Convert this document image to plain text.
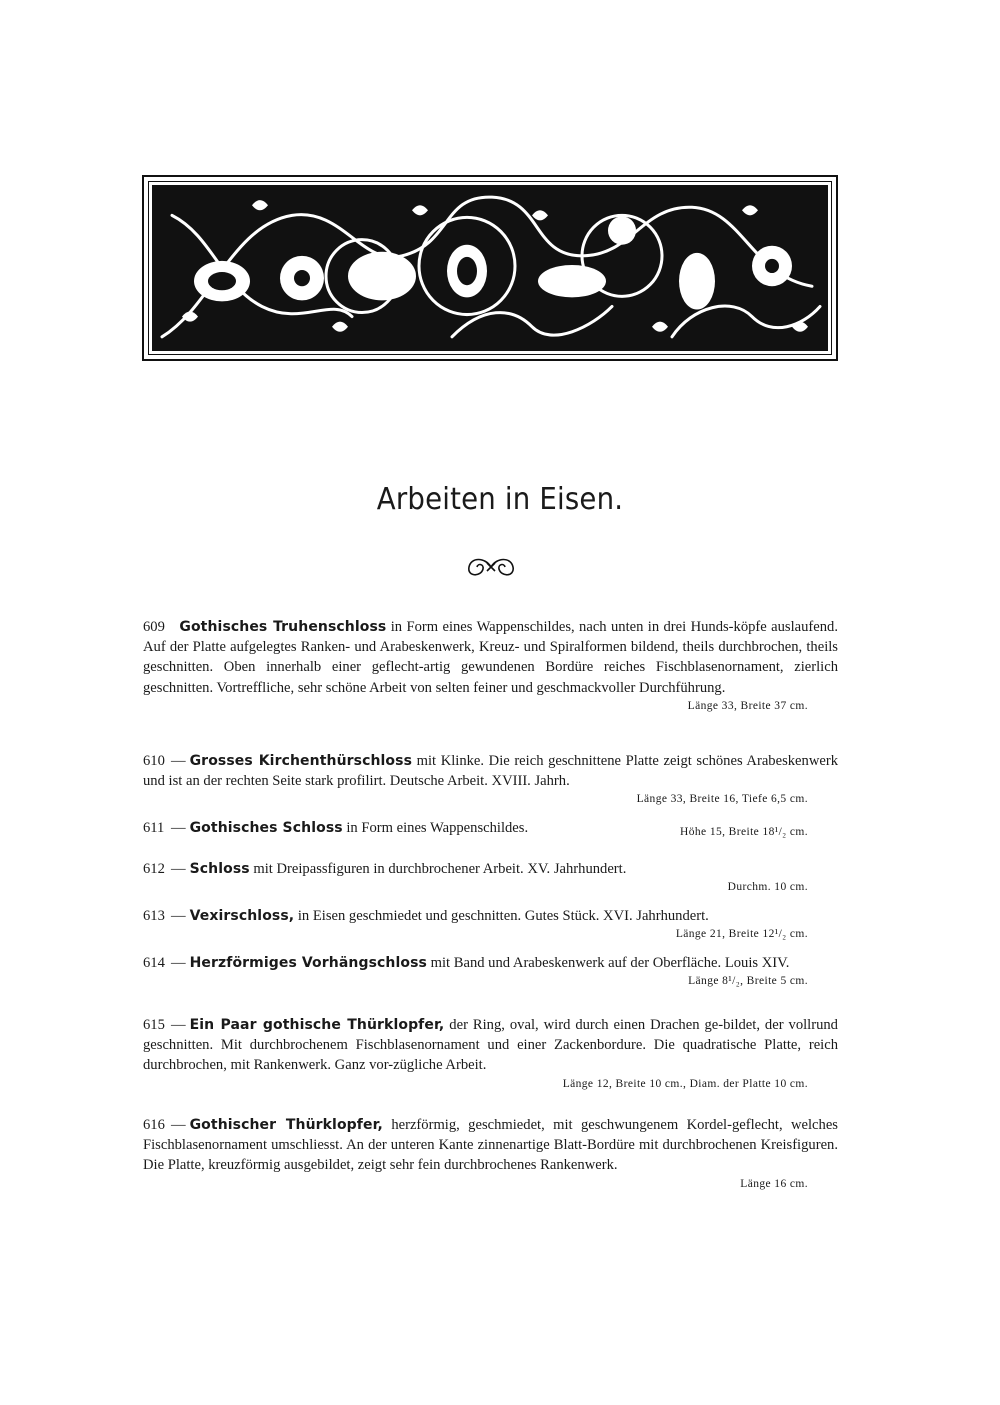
Arbeiten in Eisen.
609 Gothisches Truhenschloss in Form eines Wappenschildes, nach unten in drei Hunds-köpfe auslaufend. Auf der Platte aufgelegtes Ranken- und Arabeskenwerk, Kreuz- und Spiralformen bildend, theils durchbrochen, theils geschnitten. Oben innerhalb einer geflecht-artig gewundenen Bordüre reiches Fischblasenornament, zierlich geschnitten. Vortreffliche, sehr schöne Arbeit von selten feiner und geschmackvoller Durchführung.
Länge 33, Breite 37 cm.
610 — Grosses Kirchenthürschloss mit Klinke. Die reich geschnittene Platte zeigt schönes Arabeskenwerk und ist an der rechten Seite stark profilirt. Deutsche Arbeit. XVIII. Jahrh.
Länge 33, Breite 16, Tiefe 6,5 cm.
611 — Gothisches Schloss in Form eines Wappenschildes.	Höhe 15, Breite 18¹/₂ cm.
612 — Schloss mit Dreipassfiguren in durchbrochener Arbeit. XV. Jahrhundert.
Durchm. 10 cm.
613 — Vexirschloss, in Eisen geschmiedet und geschnitten. Gutes Stück. XVI. Jahrhundert.
Länge 21, Breite 12¹/₂ cm.
614 — Herzförmiges Vorhängschloss mit Band und Arabeskenwerk auf der Oberfläche. Louis XIV.
Länge 8¹/₂, Breite 5 cm.
615 — Ein Paar gothische Thürklopfer, der Ring, oval, wird durch einen Drachen ge-bildet, der vollrund geschnitten. Mit durchbrochenem Fischblasenornament und einer Zackenbordure. Die quadratische Platte, reich durchbrochen, mit Rankenwerk. Ganz vor-zügliche Arbeit.
Länge 12, Breite 10 cm., Diam. der Platte 10 cm.
616 — Gothischer Thürklopfer, herzförmig, geschmiedet, mit geschwungenem Kordel-geflecht, welches Fischblasenornament umschliesst. An der unteren Kante zinnenartige Blatt-Bordüre mit durchbrochenen Kreisfiguren. Die Platte, kreuzförmig ausgebildet, zeigt sehr fein durchbrochenes Rankenwerk.
Länge 16 cm.
